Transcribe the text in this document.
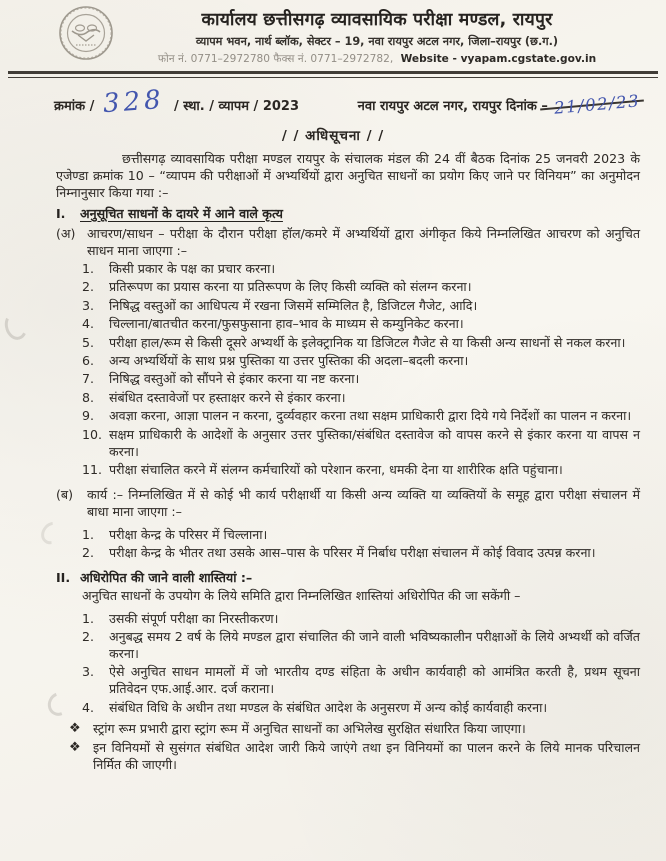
कार्यालय छत्तीसगढ़ व्यावसायिक परीक्षा मण्डल, रायपुर
व्यापम भवन, नार्थ ब्लॉक, सेक्टर – 19, नवा रायपुर अटल नगर, जिला–रायपुर (छ.ग.)
फोन नं. 0771–2972780 फैक्स नं. 0771–2972782, Website - vyapam.cgstate.gov.in
क्रमांक / 328 / स्था. / व्यापम / 2023	नवा रायपुर अटल नगर, रायपुर दिनांक – 21/02/23
/ / अधिसूचना / /

छत्तीसगढ़ व्यावसायिक परीक्षा मण्डल रायपुर के संचालक मंडल की 24 वीं बैठक दिनांक 25 जनवरी 2023 के एजेण्डा क्रमांक 10 – “व्यापम की परीक्षाओं में अभ्यर्थियों द्वारा अनुचित साधनों का प्रयोग किए जाने पर विनियम” का अनुमोदन निम्नानुसार किया गया :–

I.	अनुसूचित साधनों के दायरे में आने वाले कृत्य
(अ) आचरण/साधन – परीक्षा के दौरान परीक्षा हॉल/कमरे में अभ्यर्थियों द्वारा अंगीकृत किये निम्नलिखित आचरण को अनुचित साधन माना जाएगा :–

1.	किसी प्रकार के पक्ष का प्रचार करना।
2.	प्रतिरूपण का प्रयास करना या प्रतिरूपण के लिए किसी व्यक्ति को संलग्न करना।
3.	निषिद्ध वस्तुओं का आधिपत्य में रखना जिसमें सम्मिलित है, डिजिटल गैजेट, आदि।
4.	चिल्लाना/बातचीत करना/फुसफुसाना हाव–भाव के माध्यम से कम्युनिकेट करना।
5.	परीक्षा हाल/रूम से किसी दूसरे अभ्यर्थी के इलेक्ट्रानिक या डिजिटल गैजेट से या किसी अन्य साधनों से नकल करना।
6.	अन्य अभ्यर्थियों के साथ प्रश्न पुस्तिका या उत्तर पुस्तिका की अदला–बदली करना।
7.	निषिद्ध वस्तुओं को सौंपने से इंकार करना या नष्ट करना।
8.	संबंधित दस्तावेजों पर हस्ताक्षर करने से इंकार करना।
9.	अवज्ञा करना, आज्ञा पालन न करना, दुर्व्यवहार करना तथा सक्षम प्राधिकारी द्वारा दिये गये निर्देशों का पालन न करना।
10. सक्षम प्राधिकारी के आदेशों के अनुसार उत्तर पुस्तिका/संबंधित दस्तावेज को वापस करने से इंकार करना या वापस न करना।
11. परीक्षा संचालित करने में संलग्न कर्मचारियों को परेशान करना, धमकी देना या शारीरिक क्षति पहुंचाना।
(ब)	कार्य :– निम्नलिखित में से कोई भी कार्य परीक्षार्थी या किसी अन्य व्यक्ति या व्यक्तियों के समूह द्वारा परीक्षा संचालन में बाधा माना जाएगा :–

1.	परीक्षा केन्द्र के परिसर में चिल्लाना।
2.	परीक्षा केन्द्र के भीतर तथा उसके आस–पास के परिसर में निर्बाध परीक्षा संचालन में कोई विवाद उत्पन्न करना।
II. अधिरोपित की जाने वाली शास्तियां :–

अनुचित साधनों के उपयोग के लिये समिति द्वारा निम्नलिखित शास्तियां अधिरोपित की जा सकेंगी –

1.	उसकी संपूर्ण परीक्षा का निरस्तीकरण।
2.	अनुबद्ध समय 2 वर्ष के लिये मण्डल द्वारा संचालित की जाने वाली भविष्यकालीन परीक्षाओं के लिये अभ्यर्थी को वर्जित करना।
3.	ऐसे अनुचित साधन मामलों में जो भारतीय दण्ड संहिता के अधीन कार्यवाही को आमंत्रित करती है, प्रथम सूचना प्रतिवेदन एफ.आई.आर. दर्ज कराना।
4.	संबंधित विधि के अधीन तथा मण्डल के संबंधित आदेश के अनुसरण में अन्य कोई कार्यवाही करना।
❖ स्ट्रांग रूम प्रभारी द्वारा स्ट्रांग रूम में अनुचित साधनों का अभिलेख सुरक्षित संधारित किया जाएगा।
❖ इन विनियमों से सुसंगत संबंधित आदेश जारी किये जाएंगे तथा इन विनियमों का पालन करने के लिये मानक परिचालन निर्मित की जाएगी।
